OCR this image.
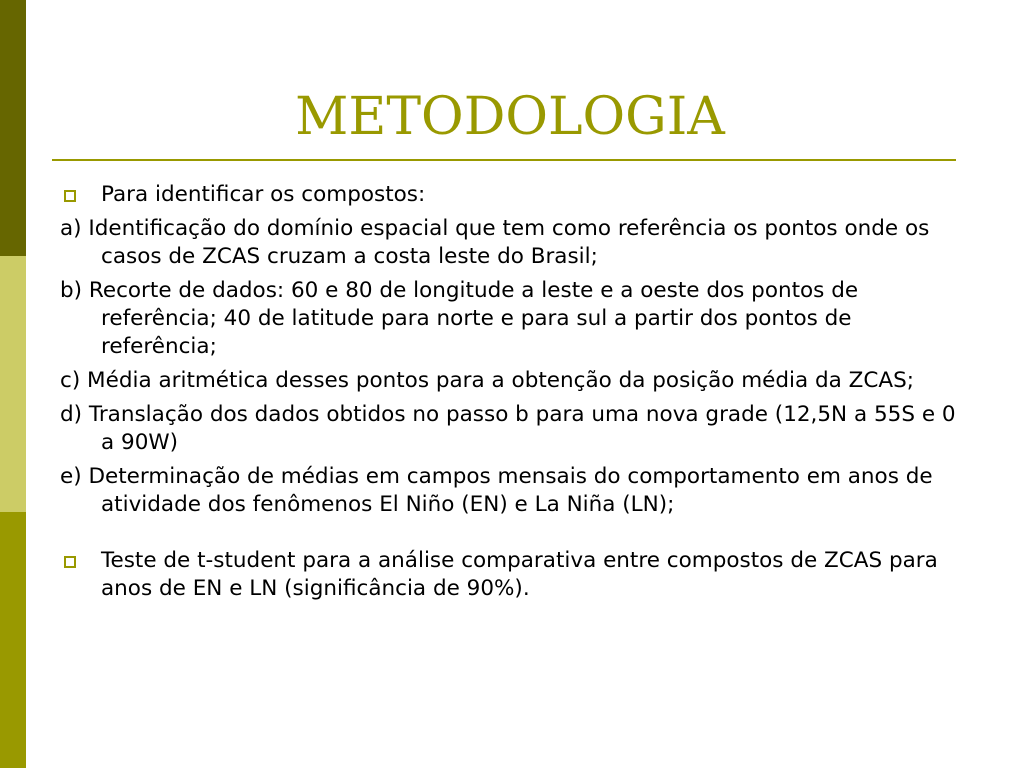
METODOLOGIA
Para identificar os compostos:
a) Identificação do domínio espacial que tem como referência os pontos onde os casos de ZCAS cruzam a costa leste do Brasil;
b) Recorte de dados: 60 e 80 de longitude a leste e a oeste dos pontos de referência; 40 de latitude para norte e para sul a partir dos pontos de referência;
c) Média aritmética desses pontos para a obtenção da posição média da ZCAS;
d) Translação dos dados obtidos no passo b para uma nova grade (12,5N a 55S e 0 a 90W)
e) Determinação de médias em campos mensais do comportamento em anos de atividade dos fenômenos El Niño (EN) e La Niña (LN);
Teste de t-student para a análise comparativa entre compostos de ZCAS para anos de EN e LN (significância de 90%).
